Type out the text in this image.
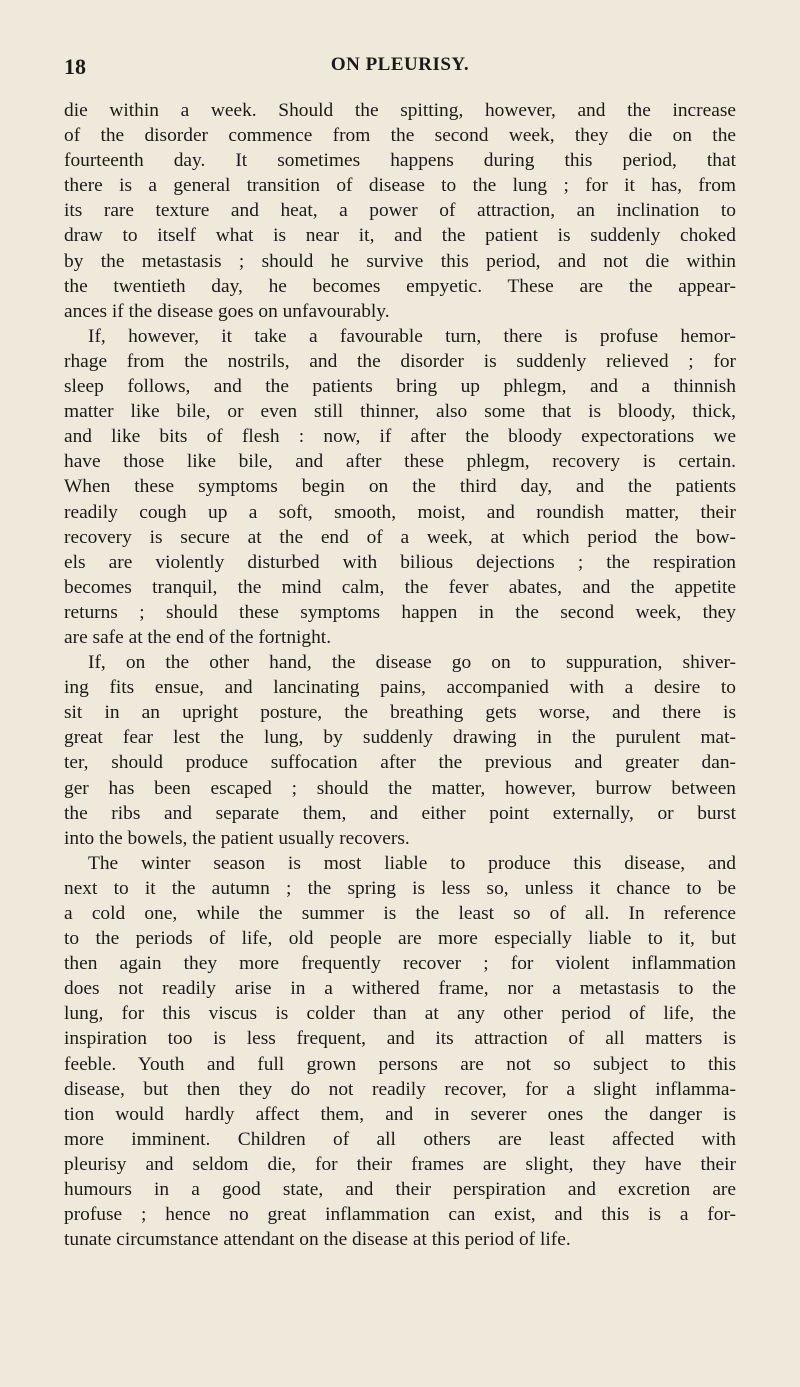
18	ON PLEURISY.
die within a week. Should the spitting, however, and the increase
of the disorder commence from the second week, they die on the
fourteenth day. It sometimes happens during this period, that
there is a general transition of disease to the lung ; for it has, from
its rare texture and heat, a power of attraction, an inclination to
draw to itself what is near it, and the patient is suddenly choked
by the metastasis ; should he survive this period, and not die within
the twentieth day, he becomes empyetic. These are the appear-
ances if the disease goes on unfavourably.
If, however, it take a favourable turn, there is profuse hemor-
rhage from the nostrils, and the disorder is suddenly relieved ; for
sleep follows, and the patients bring up phlegm, and a thinnish
matter like bile, or even still thinner, also some that is bloody, thick,
and like bits of flesh : now, if after the bloody expectorations we
have those like bile, and after these phlegm, recovery is certain.
When these symptoms begin on the third day, and the patients
readily cough up a soft, smooth, moist, and roundish matter, their
recovery is secure at the end of a week, at which period the bow-
els are violently disturbed with bilious dejections ; the respiration
becomes tranquil, the mind calm, the fever abates, and the appetite
returns ; should these symptoms happen in the second week, they
are safe at the end of the fortnight.
If, on the other hand, the disease go on to suppuration, shiver-
ing fits ensue, and lancinating pains, accompanied with a desire to
sit in an upright posture, the breathing gets worse, and there is
great fear lest the lung, by suddenly drawing in the purulent mat-
ter, should produce suffocation after the previous and greater dan-
ger has been escaped ; should the matter, however, burrow between
the ribs and separate them, and either point externally, or burst
into the bowels, the patient usually recovers.
The winter season is most liable to produce this disease, and
next to it the autumn ; the spring is less so, unless it chance to be
a cold one, while the summer is the least so of all. In reference
to the periods of life, old people are more especially liable to it, but
then again they more frequently recover ; for violent inflammation
does not readily arise in a withered frame, nor a metastasis to the
lung, for this viscus is colder than at any other period of life, the
inspiration too is less frequent, and its attraction of all matters is
feeble. Youth and full grown persons are not so subject to this
disease, but then they do not readily recover, for a slight inflamma-
tion would hardly affect them, and in severer ones the danger is
more imminent. Children of all others are least affected with
pleurisy and seldom die, for their frames are slight, they have their
humours in a good state, and their perspiration and excretion are
profuse ; hence no great inflammation can exist, and this is a for-
tunate circumstance attendant on the disease at this period of life.
